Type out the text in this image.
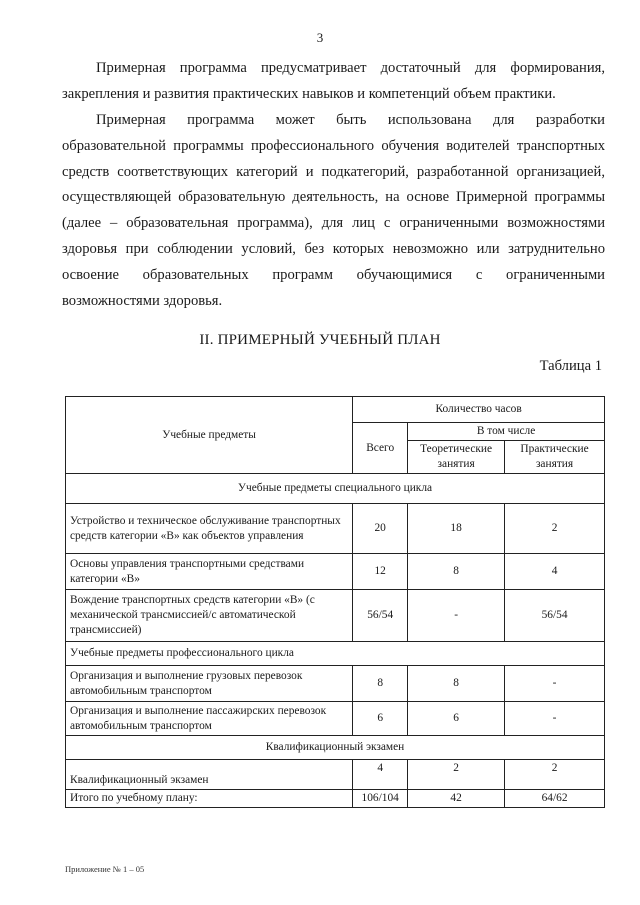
3

Примерная программа предусматривает достаточный для формирования, закрепления и развития практических навыков и компетенций объем практики.

Примерная программа может быть использована для разработки образовательной программы профессионального обучения водителей транспортных средств соответствующих категорий и подкатегорий, разработанной организацией, осуществляющей образовательную деятельность, на основе Примерной программы (далее – образовательная программа), для лиц с ограниченными возможностями здоровья при соблюдении условий, без которых невозможно или затруднительно освоение образовательных программ обучающимися с ограниченными возможностями здоровья.

II. ПРИМЕРНЫЙ УЧЕБНЫЙ ПЛАН
Таблица 1
Учебные предметы	Количество часов		
	Всего	В том числе	
		Теоретические занятия	Практические занятия
Учебные предметы специального цикла			
Устройство и техническое обслуживание транспортных средств категории «В» как объектов управления	20	18	2
Основы управления транспортными средствами категории «В»	12	8	4
Вождение транспортных средств категории «В» (с механической трансмиссией/с автоматической трансмиссией)	56/54	-	56/54
Учебные предметы профессионального цикла			
Организация и выполнение грузовых перевозок автомобильным транспортом	8	8	-
Организация и выполнение пассажирских перевозок автомобильным транспортом	6	6	-
Квалификационный экзамен			
Квалификационный экзамен	4	2	2
Итого по учебному плану:	106/104	42	64/62
Приложение № 1 – 05
